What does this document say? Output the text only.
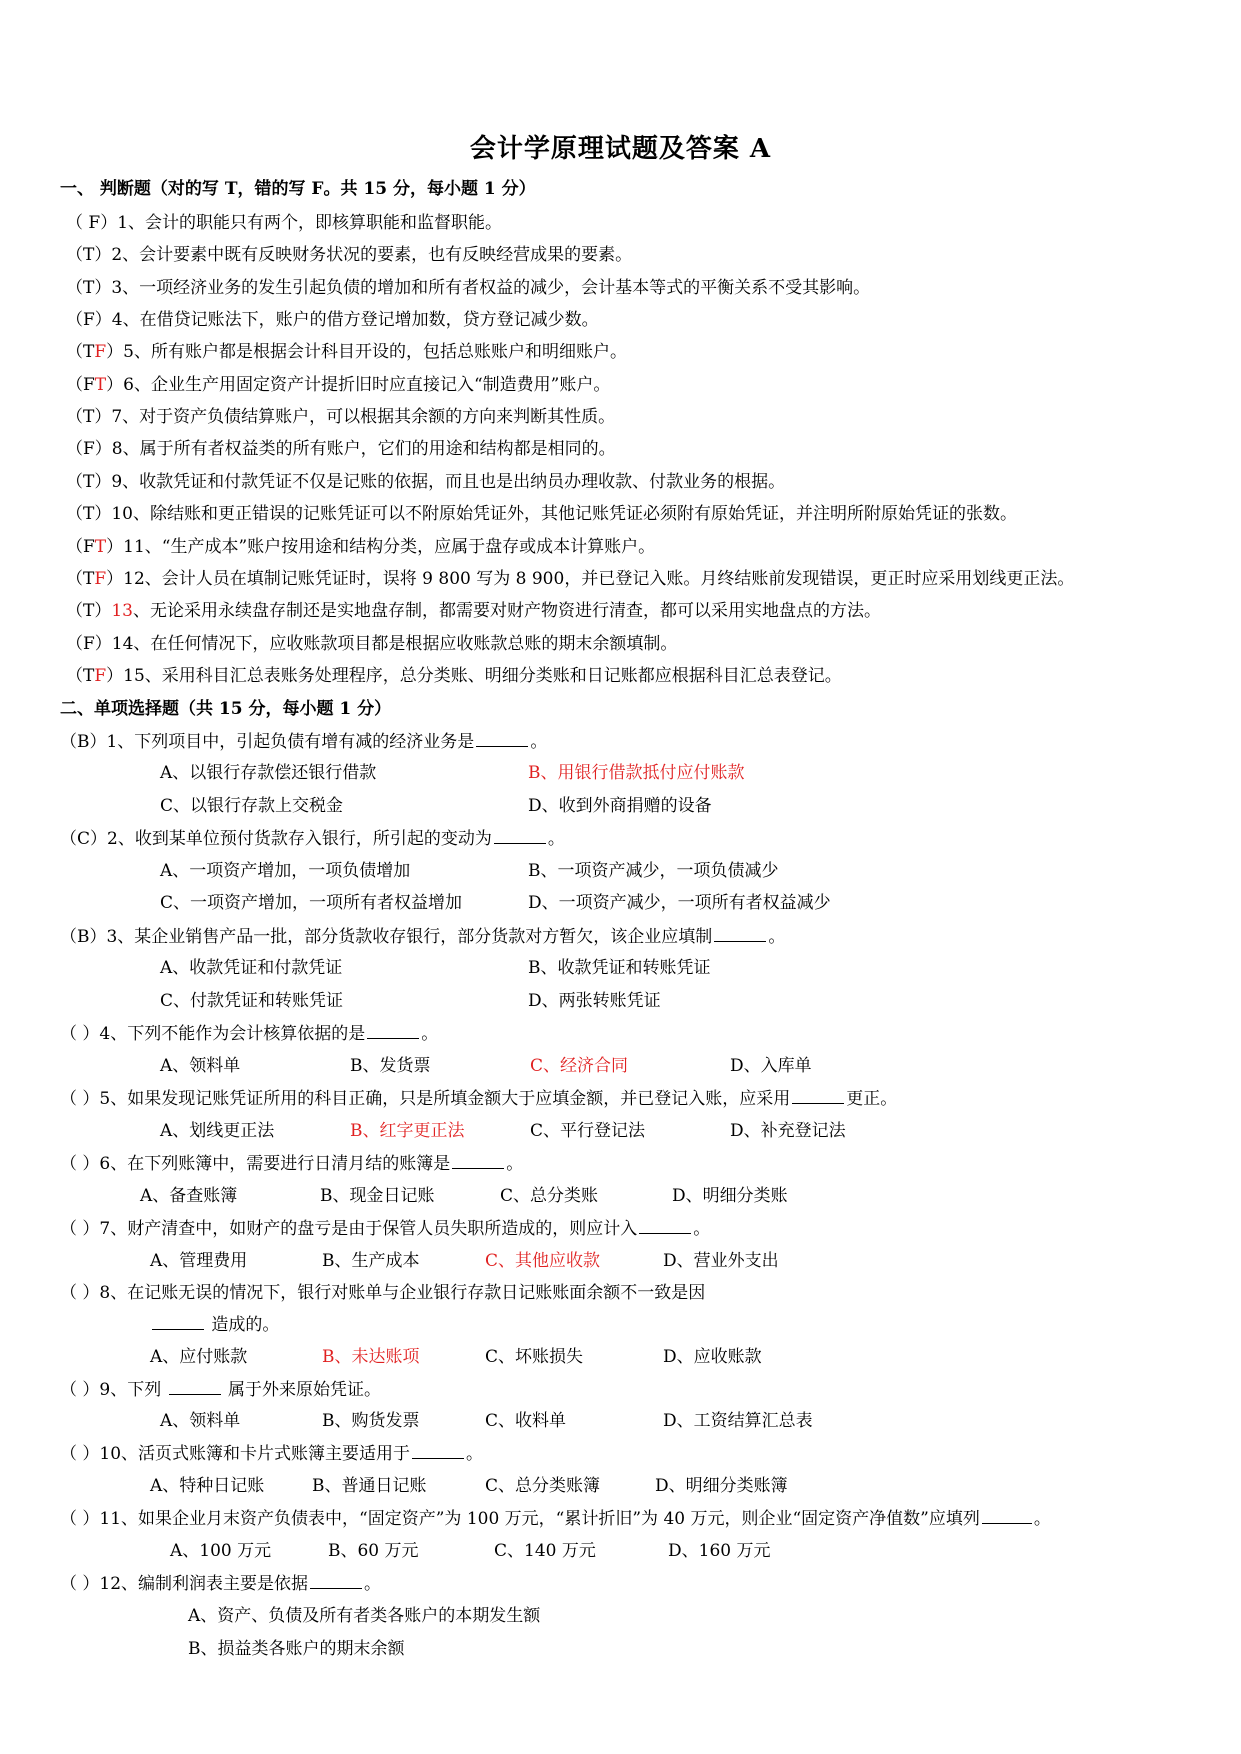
会计学原理试题及答案 A
一、 判断题（对的写 T，错的写 F。共 15 分，每小题 1 分）
（ F）1、会计的职能只有两个，即核算职能和监督职能。
（T）2、会计要素中既有反映财务状况的要素，也有反映经营成果的要素。
（T）3、一项经济业务的发生引起负债的增加和所有者权益的减少，会计基本等式的平衡关系不受其影响。
（F）4、在借贷记账法下，账户的借方登记增加数，贷方登记减少数。
（TF）5、所有账户都是根据会计科目开设的，包括总账账户和明细账户。
（FT）6、企业生产用固定资产计提折旧时应直接记入“制造费用”账户。
（T）7、对于资产负债结算账户，可以根据其余额的方向来判断其性质。
（F）8、属于所有者权益类的所有账户，它们的用途和结构都是相同的。
（T）9、收款凭证和付款凭证不仅是记账的依据，而且也是出纳员办理收款、付款业务的根据。
（T）10、除结账和更正错误的记账凭证可以不附原始凭证外，其他记账凭证必须附有原始凭证，并注明所附原始凭证的张数。
（FT）11、“生产成本”账户按用途和结构分类，应属于盘存或成本计算账户。
（TF）12、会计人员在填制记账凭证时，误将 9 800 写为 8 900，并已登记入账。月终结账前发现错误，更正时应采用划线更正法。
（T）13、无论采用永续盘存制还是实地盘存制，都需要对财产物资进行清查，都可以采用实地盘点的方法。
（F）14、在任何情况下，应收账款项目都是根据应收账款总账的期末余额填制。
（TF）15、采用科目汇总表账务处理程序，总分类账、明细分类账和日记账都应根据科目汇总表登记。
二、单项选择题（共 15 分，每小题 1 分）
（B）1、下列项目中，引起负债有增有减的经济业务是	。
A、以银行存款偿还银行借款	B、用银行借款抵付应付账款
C、以银行存款上交税金	D、收到外商捐赠的设备
（C）2、收到某单位预付货款存入银行，所引起的变动为	。
A、一项资产增加，一项负债增加	B、一项资产减少，一项负债减少
C、一项资产增加，一项所有者权益增加	D、一项资产减少，一项所有者权益减少
（B）3、某企业销售产品一批，部分货款收存银行，部分货款对方暂欠，该企业应填制	。
A、收款凭证和付款凭证	B、收款凭证和转账凭证
C、付款凭证和转账凭证	D、两张转账凭证
（ ）4、下列不能作为会计核算依据的是	。
A、领料单	B、发货票	C、经济合同	D、入库单
（ ）5、如果发现记账凭证所用的科目正确，只是所填金额大于应填金额，并已登记入账，应采用	更正。
A、划线更正法	B、红字更正法	C、平行登记法	D、补充登记法
（ ）6、在下列账簿中，需要进行日清月结的账簿是	。
A、备查账簿	B、现金日记账	C、总分类账	D、明细分类账
（ ）7、财产清查中，如财产的盘亏是由于保管人员失职所造成的，则应计入	。
A、管理费用	B、生产成本	C、其他应收款	D、营业外支出
（ ）8、在记账无误的情况下，银行对账单与企业银行存款日记账账面余额不一致是因
造成的。
A、应付账款	B、未达账项	C、坏账损失	D、应收账款
（ ）9、下列	属于外来原始凭证。
A、领料单	B、购货发票	C、收料单	D、工资结算汇总表
（ ）10、活页式账簿和卡片式账簿主要适用于	。
A、特种日记账	B、普通日记账	C、总分类账簿	D、明细分类账簿
（ ）11、如果企业月末资产负债表中，“固定资产”为 100 万元，“累计折旧”为 40 万元，则企业“固定资产净值数”应填列	。
A、100 万元	B、60 万元	C、140 万元	D、160 万元
（ ）12、编制利润表主要是依据	。
A、资产、负债及所有者类各账户的本期发生额
B、损益类各账户的期末余额
